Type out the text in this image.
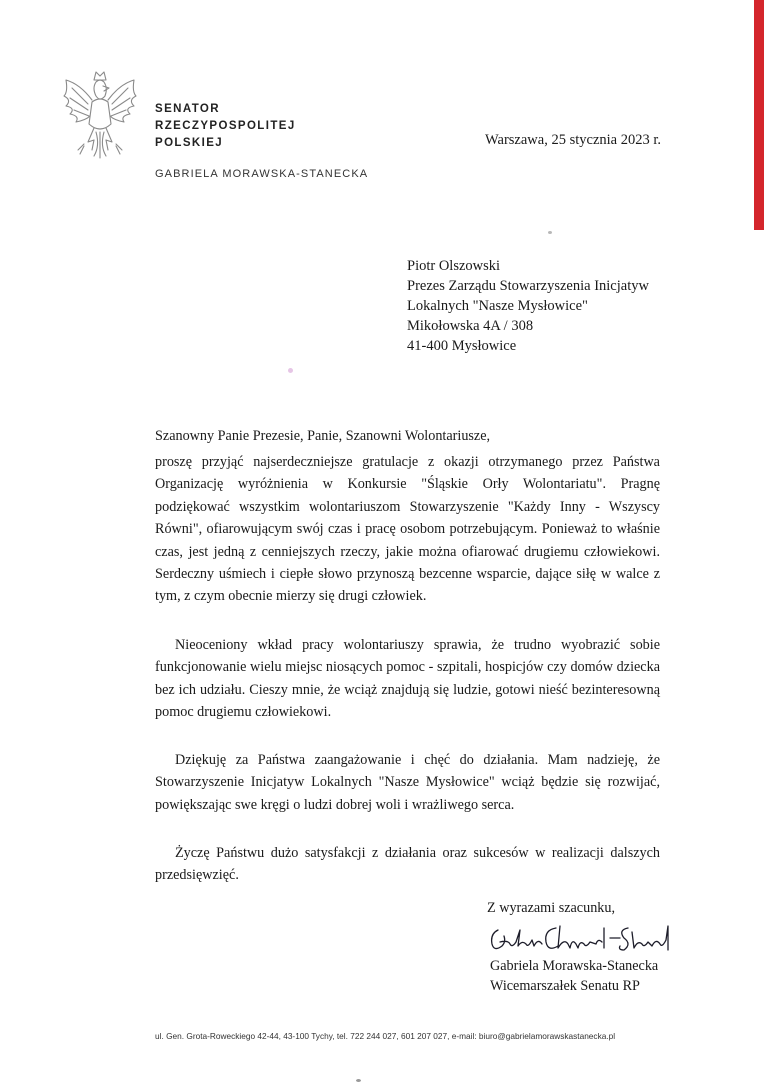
SENATOR
RZECZYPOSPOLITEJ
POLSKIEJ
GABRIELA MORAWSKA-STANECKA
Warszawa, 25 stycznia 2023 r.
Piotr Olszowski
Prezes Zarządu Stowarzyszenia Inicjatyw
Lokalnych "Nasze Mysłowice"
Mikołowska 4A / 308
41-400 Mysłowice
Szanowny Panie Prezesie, Panie, Szanowni Wolontariusze,

proszę przyjąć najserdeczniejsze gratulacje z okazji otrzymanego przez Państwa Organizację wyróżnienia w Konkursie "Śląskie Orły Wolontariatu". Pragnę podziękować wszystkim wolontariuszom Stowarzyszenie "Każdy Inny - Wszyscy Równi", ofiarowującym swój czas i pracę osobom potrzebującym. Ponieważ to właśnie czas, jest jedną z cenniejszych rzeczy, jakie można ofiarować drugiemu człowiekowi. Serdeczny uśmiech i ciepłe słowo przynoszą bezcenne wsparcie, dające siłę w walce z tym, z czym obecnie mierzy się drugi człowiek.

Nieoceniony wkład pracy wolontariuszy sprawia, że trudno wyobrazić sobie funkcjonowanie wielu miejsc niosących pomoc - szpitali, hospicjów czy domów dziecka bez ich udziału. Cieszy mnie, że wciąż znajdują się ludzie, gotowi nieść bezinteresowną pomoc drugiemu człowiekowi.

Dziękuję za Państwa zaangażowanie i chęć do działania. Mam nadzieję, że Stowarzyszenie Inicjatyw Lokalnych "Nasze Mysłowice" wciąż będzie się rozwijać, powiększając swe kręgi o ludzi dobrej woli i wrażliwego serca.

Życzę Państwu dużo satysfakcji z działania oraz sukcesów w realizacji dalszych przedsięwzięć.

Z wyrazami szacunku,
Gabriela Morawska-Stanecka
Wicemarszałek Senatu RP
ul. Gen. Grota-Roweckiego 42-44, 43-100 Tychy, tel. 722 244 027, 601 207 027, e-mail: biuro@gabrielamorawskastanecka.pl
